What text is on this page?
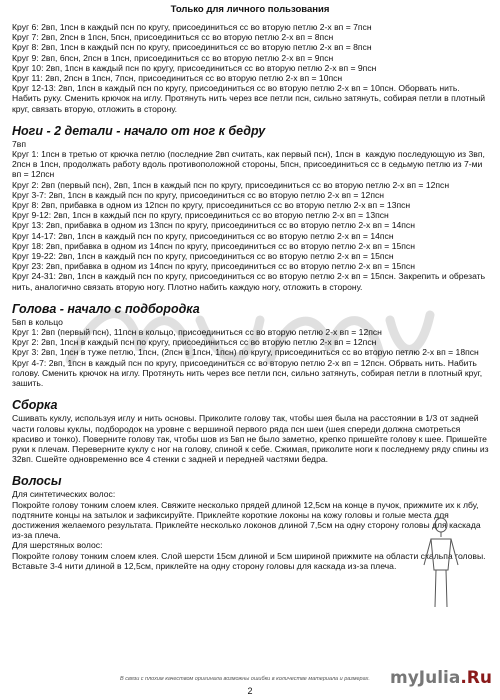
Только для личного пользования
Круг 6: 2вп, 1псн в каждый псн по кругу, присоединиться сс во вторую петлю 2-х вп = 7псн
Круг 7: 2вп, 2псн в 1псн, 5псн, присоединиться сс во вторую петлю 2-х вп = 8псн
Круг 8: 2вп, 1псн в каждый псн по кругу, присоединиться сс во вторую петлю 2-х вп = 8псн
Круг 9: 2вп, 6псн, 2псн в 1псн, присоединиться сс во вторую петлю 2-х вп = 9псн
Круг 10: 2вп, 1псн в каждый псн по кругу, присоединиться сс во вторую петлю 2-х вп = 9псн
Круг 11: 2вп, 2псн в 1псн, 7псн, присоединиться сс во вторую петлю 2-х вп = 10псн
Круг 12-13: 2вп, 1псн в каждый псн по кругу, присоединиться сс во вторую петлю 2-х вп = 10псн. Оборвать нить. Набить руку. Сменить крючок на иглу. Протянуть нить через все петли псн, сильно затянуть, собирая петли в плотный круг, связать вторую, отложить в сторону.
Ноги - 2 детали - начало от ног к бедру
7вп
Круг 1: 1псн в третью от крючка петлю (последние 2вп считать, как первый псн), 1псн в  каждую последующую из 3вп, 2псн в 1псн, продолжать работу вдоль противоположной стороны, 5псн, присоединиться сс в седьмую петлю из 7-ми вп = 12псн
Круг 2: 2вп (первый псн), 2вп, 1псн в каждый псн по кругу, присоединиться сс во вторую петлю 2-х вп = 12псн
Круг 3-7: 2вп, 1псн в каждый псн по кругу, присоединиться сс во вторую петлю 2-х вп = 12псн
Круг 8: 2вп, прибавка в одном из 12псн по кругу, присоединиться сс во вторую петлю 2-х вп = 13псн
Круг 9-12: 2вп, 1псн в каждый псн по кругу, присоединиться сс во вторую петлю 2-х вп = 13псн
Круг 13: 2вп, прибавка в одном из 13псн по кругу, присоединиться сс во вторую петлю 2-х вп = 14псн
Круг 14-17: 2вп, 1псн в каждый псн по кругу, присоединиться сс во вторую петлю 2-х вп = 14псн
Круг 18: 2вп, прибавка в одном из 14псн по кругу, присоединиться сс во вторую петлю 2-х вп = 15псн
Круг 19-22: 2вп, 1псн в каждый псн по кругу, присоединиться сс во вторую петлю 2-х вп = 15псн
Круг 23: 2вп, прибавка в одном из 14псн по кругу, присоединиться сс во вторую петлю 2-х вп = 15псн
Круг 24-31: 2вп, 1псн в каждый псн по кругу, присоединиться сс во вторую петлю 2-х вп = 15псн. Закрепить и обрезать нить, аналогично связать вторую ногу. Плотно набить каждую ногу, отложить в сторону.
Голова - начало с подбородка
5вп в кольцо
Круг 1: 2вп (первый псн), 11псн в кольцо, присоединиться сс во вторую петлю 2-х вп = 12псн
Круг 2: 2вп, 1псн в каждый псн по кругу, присоединиться сс во вторую петлю 2-х вп = 12псн
Круг 3: 2вп, 1псн в тужe петлю, 1псн, (2псн в 1псн, 1псн) по кругу, присоединиться сс во вторую петлю 2-х вп = 18псн
Круг 4-7: 2вп, 1псн в каждый псн по кругу, присоединиться сс во вторую петлю 2-х вп = 12псн. Обрвать нить. Набить голову. Сменить крючок на иглу. Протянуть нить через все петли псн, сильно затянуть, собирая петли в плотный круг, зашить.
Сборка
Сшивать куклу, используя иглу и нить основы. Приколите голову так, чтобы шея была на расстоянии в 1/3 от задней части головы куклы, подбородок на уровне с вершиной первого ряда псн шеи (шея спереди должна смотреться красиво и тонко). Поверните голову так, чтобы шов из 5вп не было заметно, крепко пришейте голову к шее. Пришейте руки к плечам. Переверните куклу с ног на голову, спиной к себе. Сжимая, приколите ноги к последнему ряду спины из 32вп. Сшейте одновременно все 4 стенки с задней и передней частями бедра.
Волосы
Для синтетических волос:
Покройте голову тонким слоем клея. Свяжите несколько прядей длиной 12,5см на конце в пучок, прижмите их к лбу, подтяните концы на затылок и зафиксируйте. Приклейте короткие локоны на кожу головы и голые места для достижения желаемого результата. Приклейте несколько локонов длиной 7,5см на одну сторону головы для каскада из-за плеча.
Для шерстяных волос:
Покройте голову тонким слоем клея. Слой шерсти 15см длиной и 5см шириной прижмите на области скальпа головы. Вставьте 3-4 нити длиной в 12,5см, приклейте на одну сторону головы для каскада из-за плеча.
В связи с плохим качеством оригинала возможны ошибки в количестве материала и размерах. myJulia.Ru
2
